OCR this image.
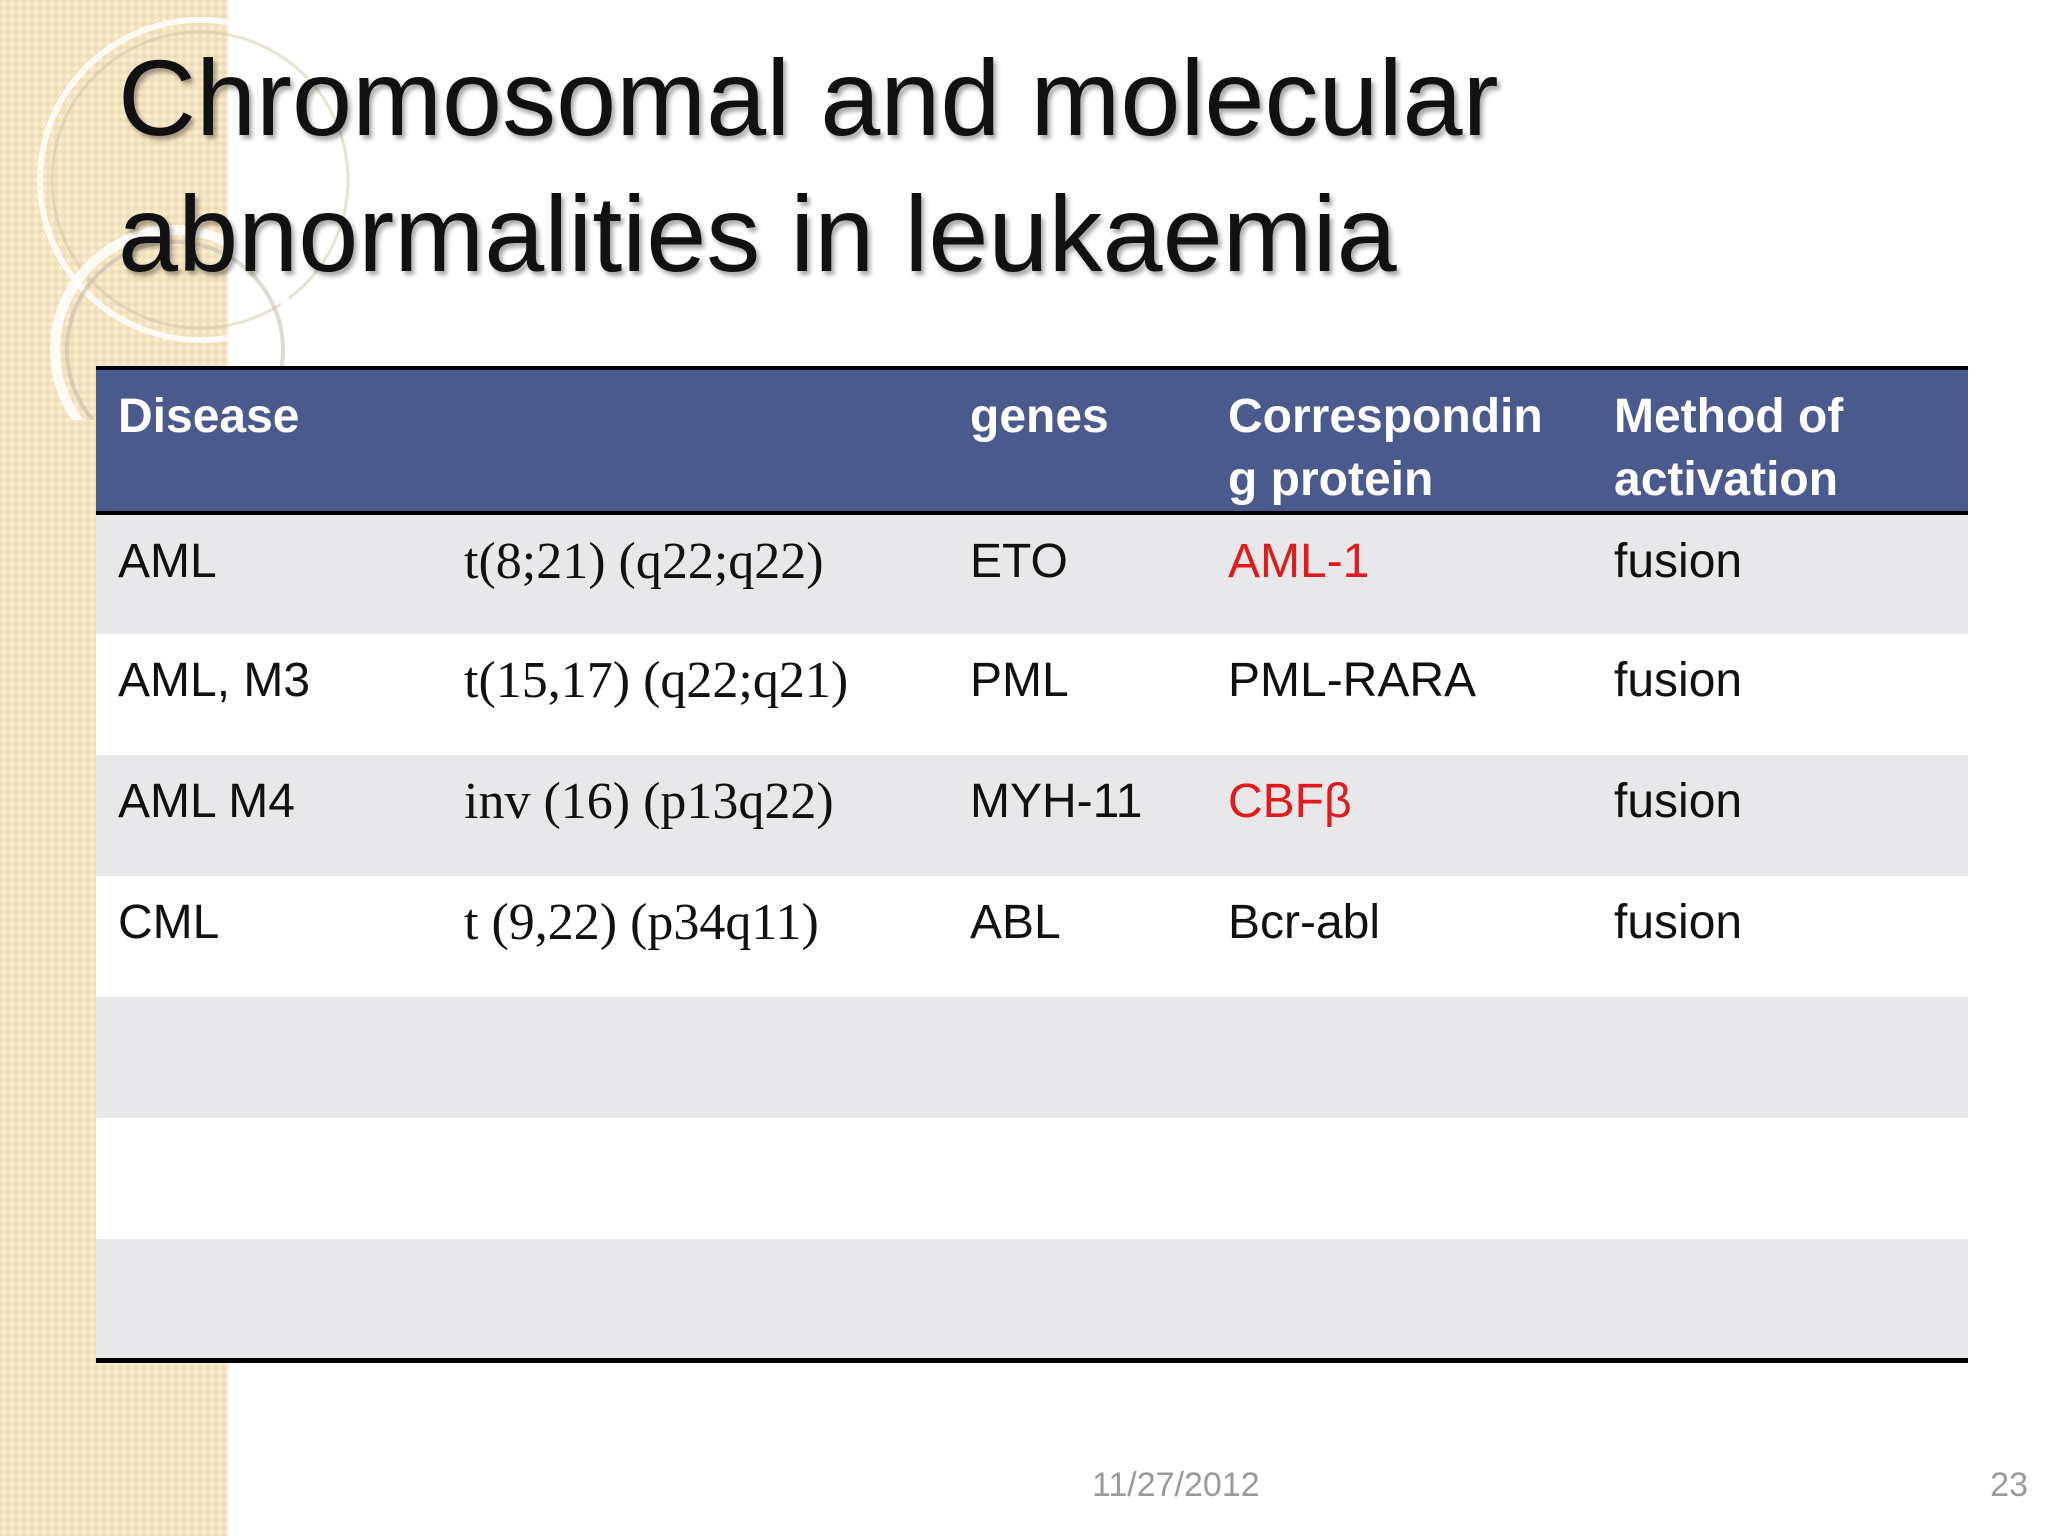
Chromosomal and molecular
abnormalities in leukaemia
Disease		genes	Correspondin g protein	Method of activation
AML	t(8;21) (q22;q22)	ETO	AML-1	fusion
AML, M3	t(15,17) (q22;q21)	PML	PML-RARA	fusion
AML M4	inv (16) (p13q22)	MYH-11	CBFβ	fusion
CML	t (9,22) (p34q11)	ABL	Bcr-abl	fusion

11/27/2012	23
